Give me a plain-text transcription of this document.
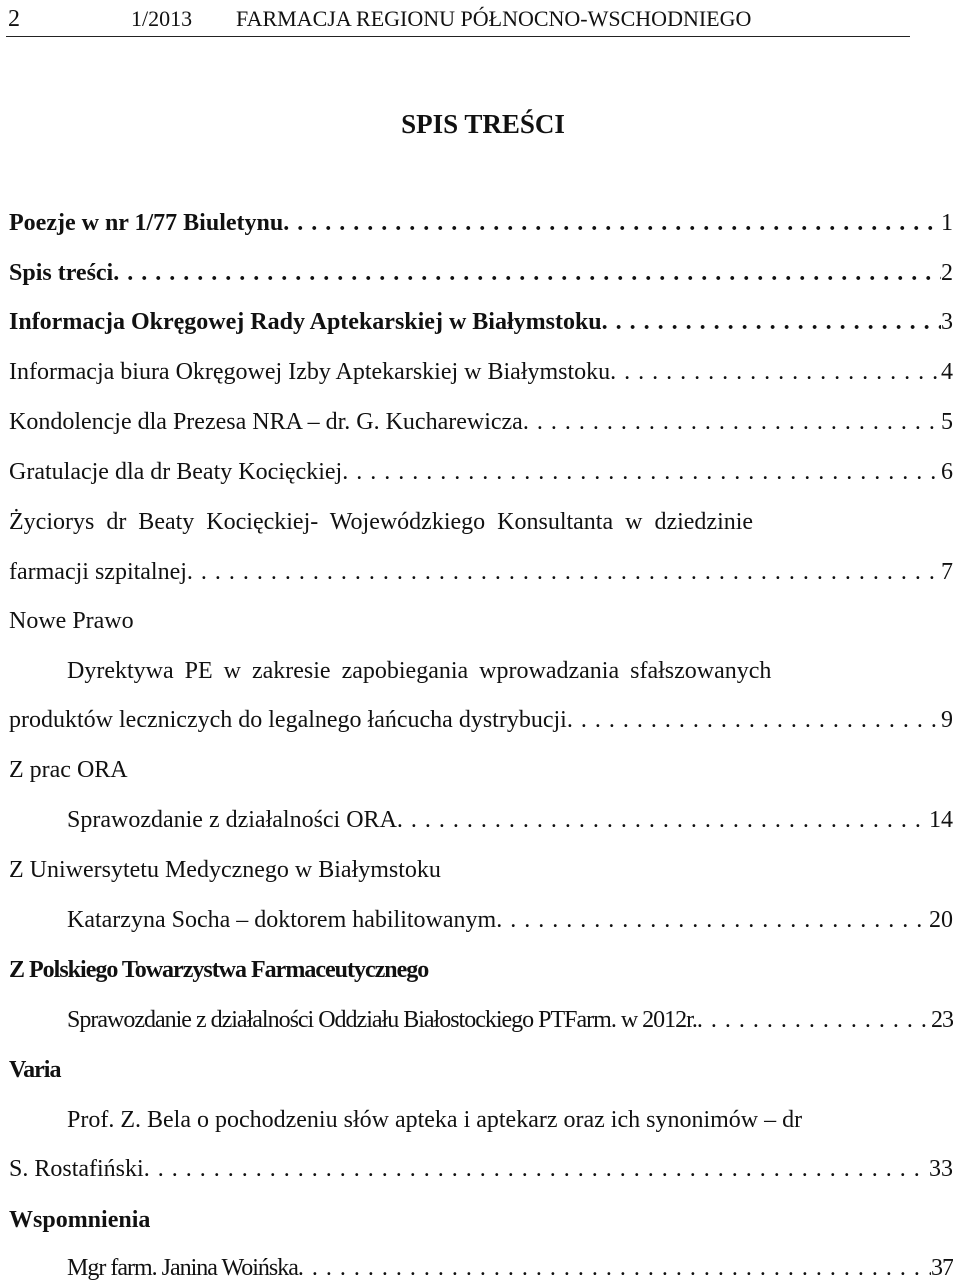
2	1/2013 FARMACJA REGIONU PÓŁNOCNO-WSCHODNIEGO
SPIS TREŚCI
Poezje w nr 1/77 Biuletynu . . .	1
Spis treści . . .	2
Informacja Okręgowej Rady Aptekarskiej w Białymstoku . . .	3
Informacja biura Okręgowej Izby Aptekarskiej w Białymstoku . . .	4
Kondolencje dla Prezesa NRA – dr. G. Kucharewicza . . .	5
Gratulacje dla dr Beaty Kocięckiej . . .	6
Życiorys dr Beaty Kocięckiej- Wojewódzkiego Konsultanta w dziedzinie
farmacji szpitalnej . . .	7
Nowe Prawo
Dyrektywa PE w zakresie zapobiegania wprowadzania sfałszowanych
produktów leczniczych do legalnego łańcucha dystrybucji . . .	9
Z prac ORA
Sprawozdanie z działalności ORA . . .	14
Z Uniwersytetu Medycznego w Białymstoku
Katarzyna Socha – doktorem habilitowanym . . .	20
Z Polskiego Towarzystwa Farmaceutycznego
Sprawozdanie z działalności Oddziału Białostockiego PTFarm. w 2012r. . . .	23
Varia
Prof. Z. Bela o pochodzeniu słów apteka i aptekarz oraz ich synonimów – dr
S. Rostafiński . . .	33
Wspomnienia
Mgr farm. Janina Woińska . . .	37
